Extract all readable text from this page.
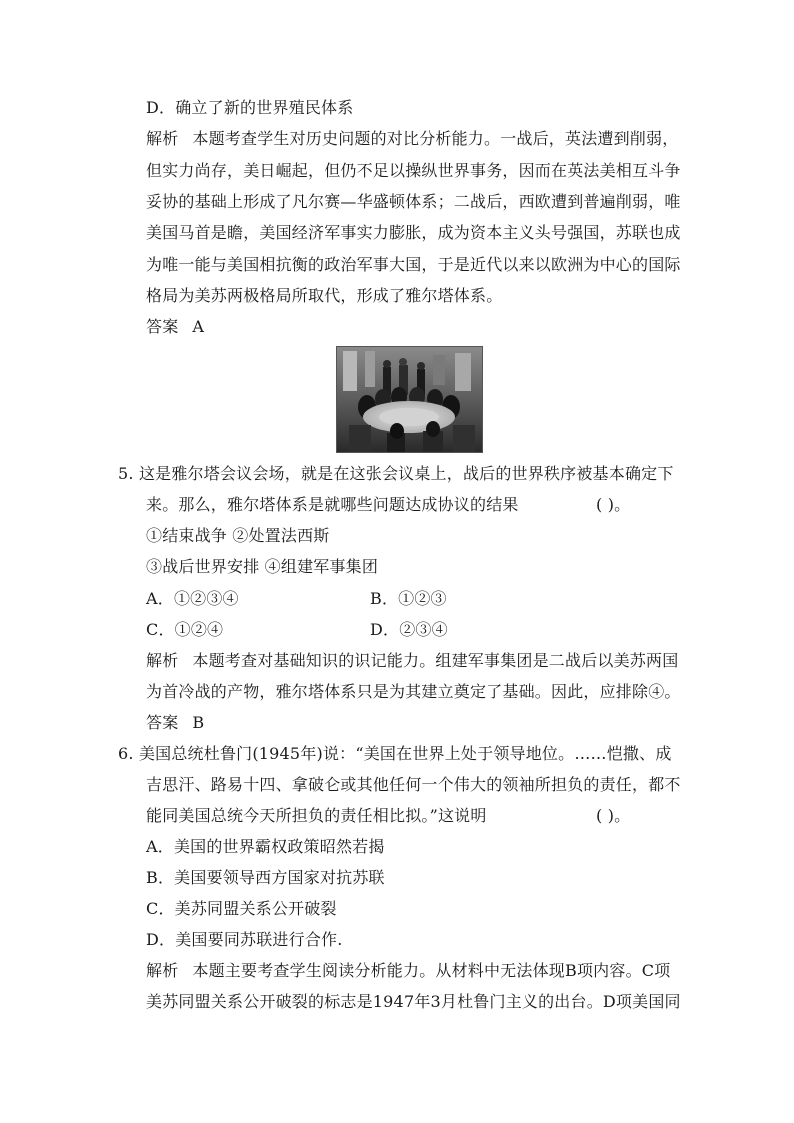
D．确立了新的世界殖民体系
解析 本题考查学生对历史问题的对比分析能力。一战后，英法遭到削弱，
但实力尚存，美日崛起，但仍不足以操纵世界事务，因而在英法美相互斗争
妥协的基础上形成了凡尔赛—华盛顿体系；二战后，西欧遭到普遍削弱，唯
美国马首是瞻，美国经济军事实力膨胀，成为资本主义头号强国，苏联也成
为唯一能与美国相抗衡的政治军事大国，于是近代以来以欧洲为中心的国际
格局为美苏两极格局所取代，形成了雅尔塔体系。
答案 A
5. 这是雅尔塔会议会场，就是在这张会议桌上，战后的世界秩序被基本确定下
来。那么，雅尔塔体系是就哪些问题达成协议的结果	( )。
①结束战争 ②处置法西斯
③战后世界安排 ④组建军事集团
A．①②③④	B．①②③
C．①②④	D．②③④
解析 本题考查对基础知识的识记能力。组建军事集团是二战后以美苏两国
为首冷战的产物，雅尔塔体系只是为其建立奠定了基础。因此，应排除④。
答案 B
6. 美国总统杜鲁门(1945年)说：“美国在世界上处于领导地位。……恺撒、成
吉思汗、路易十四、拿破仑或其他任何一个伟大的领袖所担负的责任，都不
能同美国总统今天所担负的责任相比拟。”这说明	( )。
A．美国的世界霸权政策昭然若揭
B．美国要领导西方国家对抗苏联
C．美苏同盟关系公开破裂
D．美国要同苏联进行合作.
解析 本题主要考查学生阅读分析能力。从材料中无法体现B项内容。C项
美苏同盟关系公开破裂的标志是1947年3月杜鲁门主义的出台。D项美国同
